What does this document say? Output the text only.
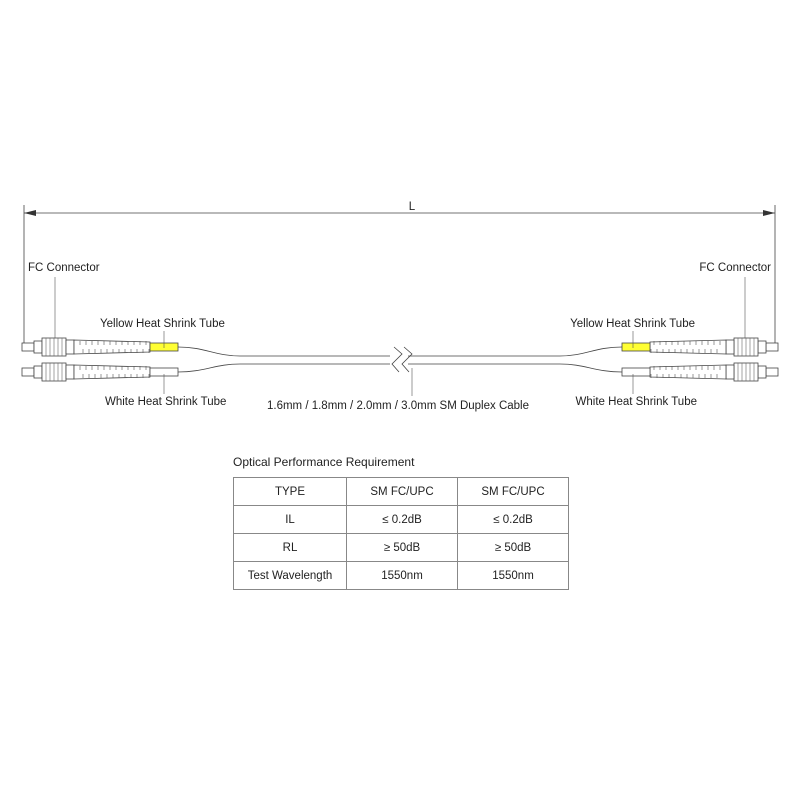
L
FC Connector
Yellow Heat Shrink Tube
White Heat Shrink Tube
FC Connector
Yellow Heat Shrink Tube
White Heat Shrink Tube
1.6mm / 1.8mm / 2.0mm / 3.0mm SM Duplex Cable
Optical Performance Requirement
TYPE	SM FC/UPC	SM FC/UPC
IL	≤ 0.2dB	≤ 0.2dB
RL	≥ 50dB	≥ 50dB
Test Wavelength	1550nm	1550nm
